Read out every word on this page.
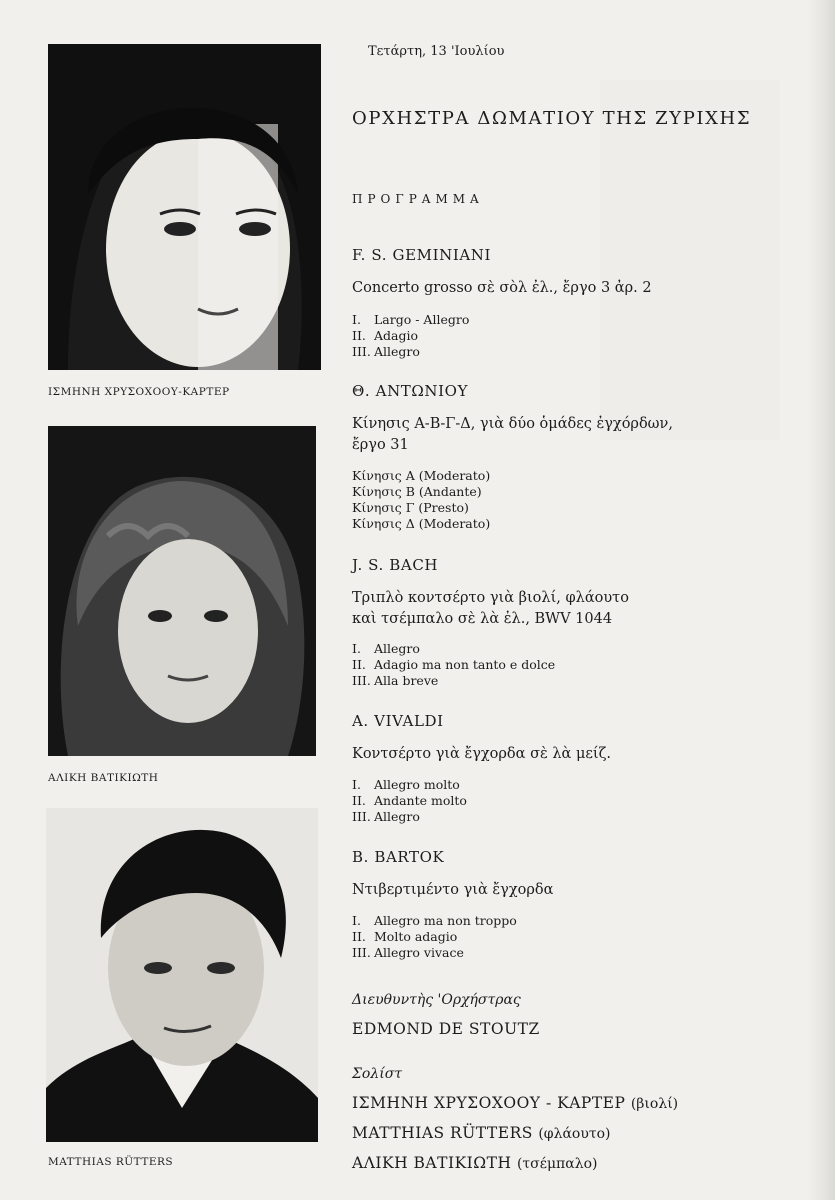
ΙΣΜΗΝΗ ΧΡΥΣΟΧΟΟΥ-ΚΑΡΤΕΡ
ΑΛΙΚΗ ΒΑΤΙΚΙΩΤΗ
MATTHIAS RÜTTERS
Τετάρτη, 13 'Ιουλίου
ΟΡΧΗΣΤΡΑ ΔΩΜΑΤΙΟΥ ΤΗΣ ΖΥΡΙΧΗΣ
ΠΡΟΓΡΑΜΜΑ
F. S. GEMINIANI
Concerto grosso σὲ σὸλ ἐλ., ἔργο 3 ἀρ. 2
I. Largo - Allegro
II. Adagio
III. Allegro
Θ. ΑΝΤΩΝΙΟΥ
Κίνησις Α-Β-Γ-Δ, γιὰ δύο ὁμάδες ἐγχόρδων,
ἔργο 31
Κίνησις Α (Moderato)
Κίνησις Β (Andante)
Κίνησις Γ (Presto)
Κίνησις Δ (Moderato)
J. S. BACH
Τριπλὸ κοντσέρτο γιὰ βιολί, φλάουτο
καὶ τσέμπαλο σὲ λὰ ἐλ., BWV 1044
I. Allegro
II. Adagio ma non tanto e dolce
III. Alla breve
A. VIVALDI
Κοντσέρτο γιὰ ἔγχορδα σὲ λὰ μείζ.
I. Allegro molto
II. Andante molto
III. Allegro
B. BARTOK
Ντιβερτιμέντο γιὰ ἔγχορδα
I. Allegro ma non troppo
II. Molto adagio
III. Allegro vivace
Διευθυντὴς 'Ορχήστρας
EDMOND DE STOUTZ
Σολίστ
ΙΣΜΗΝΗ ΧΡΥΣΟΧΟΟΥ - ΚΑΡΤΕΡ (βιολί)
MATTHIAS RÜTTERS (φλάουτο)
ΑΛΙΚΗ ΒΑΤΙΚΙΩΤΗ (τσέμπαλο)
